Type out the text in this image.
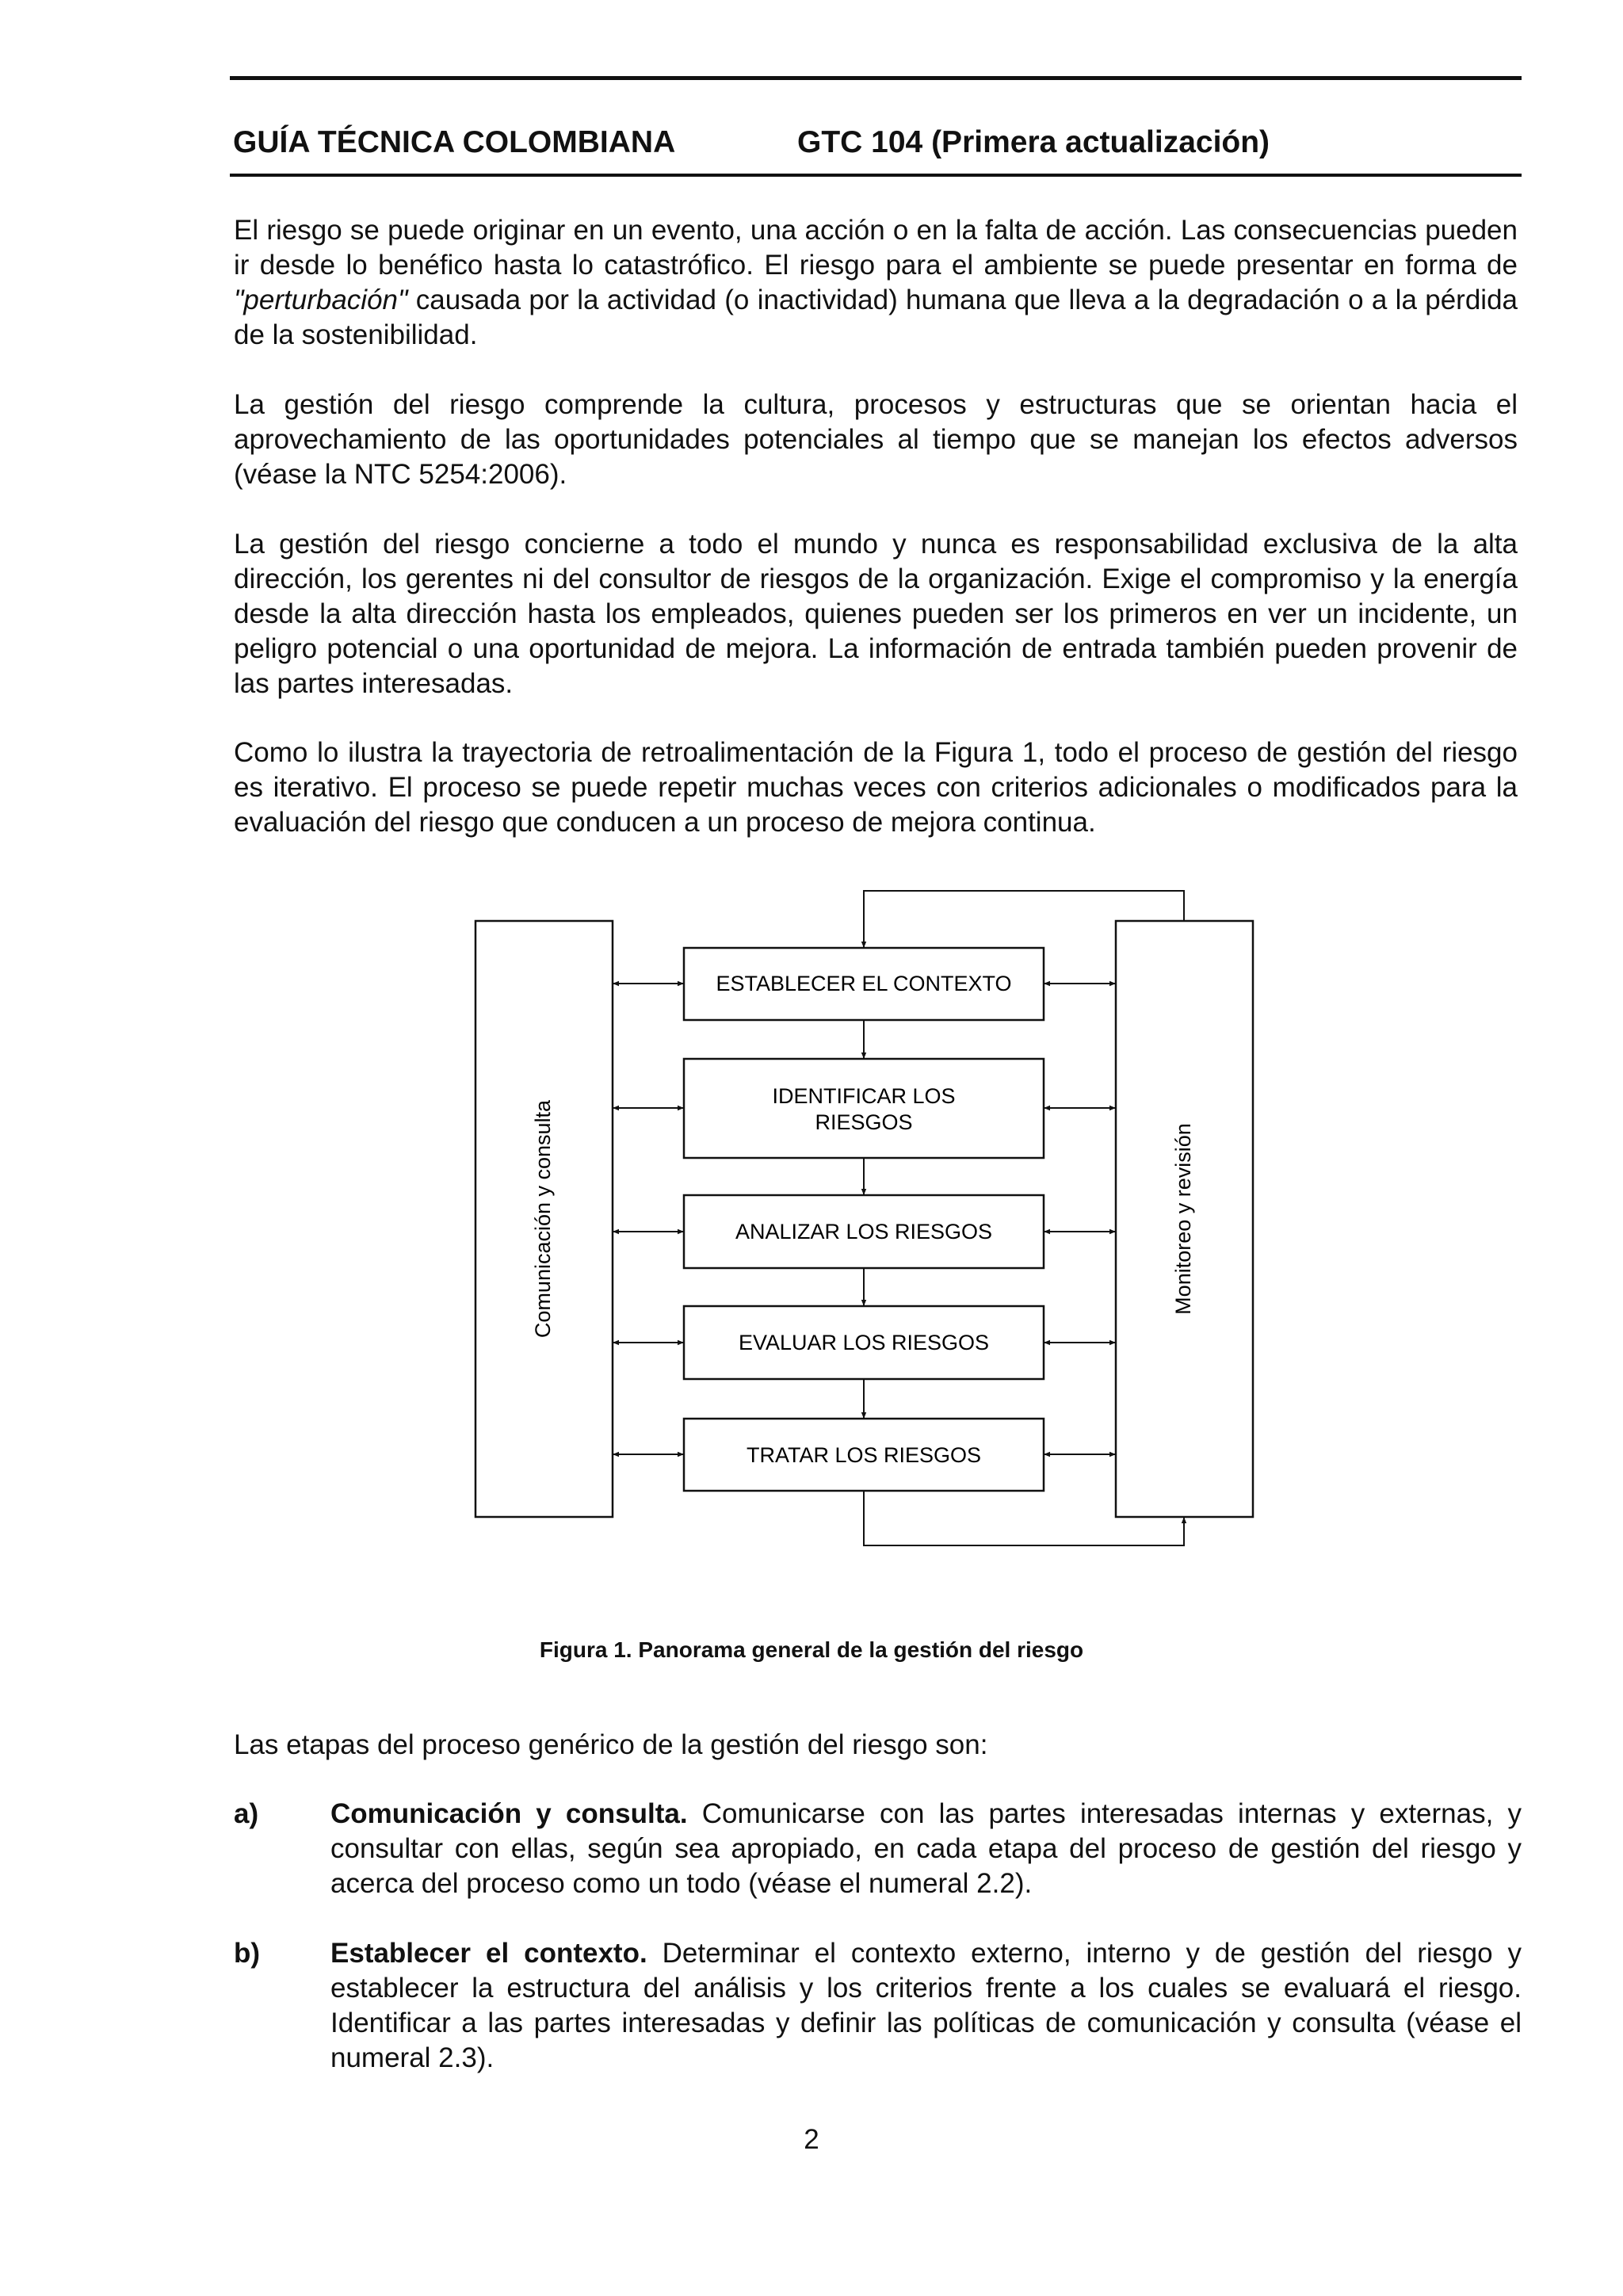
GUÍA TÉCNICA COLOMBIANA	GTC 104 (Primera actualización)

El riesgo se puede originar en un evento, una acción o en la falta de acción. Las consecuencias pueden ir desde lo benéfico hasta lo catastrófico. El riesgo para el ambiente se puede presentar en forma de "perturbación" causada por la actividad (o inactividad) humana que lleva a la degradación o a la pérdida de la sostenibilidad.

La gestión del riesgo comprende la cultura, procesos y estructuras que se orientan hacia el aprovechamiento de las oportunidades potenciales al tiempo que se manejan los efectos adversos (véase la NTC 5254:2006).

La gestión del riesgo concierne a todo el mundo y nunca es responsabilidad exclusiva de la alta dirección, los gerentes ni del consultor de riesgos de la organización. Exige el compromiso y la energía desde la alta dirección hasta los empleados, quienes pueden ser los primeros en ver un incidente, un peligro potencial o una oportunidad de mejora. La información de entrada también pueden provenir de las partes interesadas.

Como lo ilustra la trayectoria de retroalimentación de la Figura 1, todo el proceso de gestión del riesgo es iterativo. El proceso se puede repetir muchas veces con criterios adicionales o modificados para la evaluación del riesgo que conducen a un proceso de mejora continua.

Comunicación y consulta	Monitoreo y revisión
ESTABLECER EL CONTEXTO
IDENTIFICAR LOS
RIESGOS
ANALIZAR LOS RIESGOS
EVALUAR LOS RIESGOS
TRATAR LOS RIESGOS
Figura 1. Panorama general de la gestión del riesgo

Las etapas del proceso genérico de la gestión del riesgo son:

a)	Comunicación y consulta. Comunicarse con las partes interesadas internas y externas, y consultar con ellas, según sea apropiado, en cada etapa del proceso de gestión del riesgo y acerca del proceso como un todo (véase el numeral 2.2).

b)	Establecer el contexto. Determinar el contexto externo, interno y de gestión del riesgo y establecer la estructura del análisis y los criterios frente a los cuales se evaluará el riesgo. Identificar a las partes interesadas y definir las políticas de comunicación y consulta (véase el numeral 2.3).

2
